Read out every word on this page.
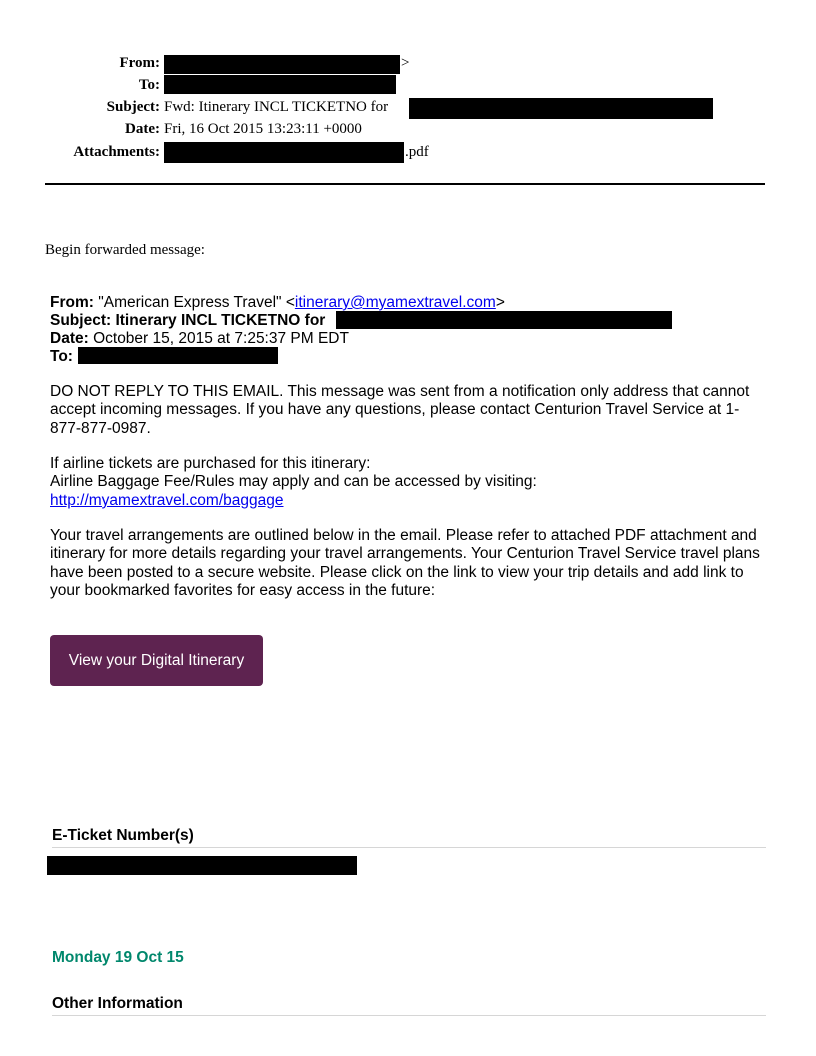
From:	>
To:
Subject: Fwd: Itinerary INCL TICKETNO for
Date: Fri, 16 Oct 2015 13:23:11 +0000
Attachments:	.pdf
Begin forwarded message:
From: "American Express Travel" <itinerary@myamextravel.com>
Subject: Itinerary INCL TICKETNO for
Date: October 15, 2015 at 7:25:37 PM EDT
To:

DO NOT REPLY TO THIS EMAIL. This message was sent from a notification only address that cannot accept incoming messages. If you have any questions, please contact Centurion Travel Service at 1-877-877-0987.

If airline tickets are purchased for this itinerary:
Airline Baggage Fee/Rules may apply and can be accessed by visiting:
http://myamextravel.com/baggage

Your travel arrangements are outlined below in the email. Please refer to attached PDF attachment and itinerary for more details regarding your travel arrangements. Your Centurion Travel Service travel plans have been posted to a secure website. Please click on the link to view your trip details and add link to your bookmarked favorites for easy access in the future:

View your Digital Itinerary
E-Ticket Number(s)
Monday 19 Oct 15
Other Information
